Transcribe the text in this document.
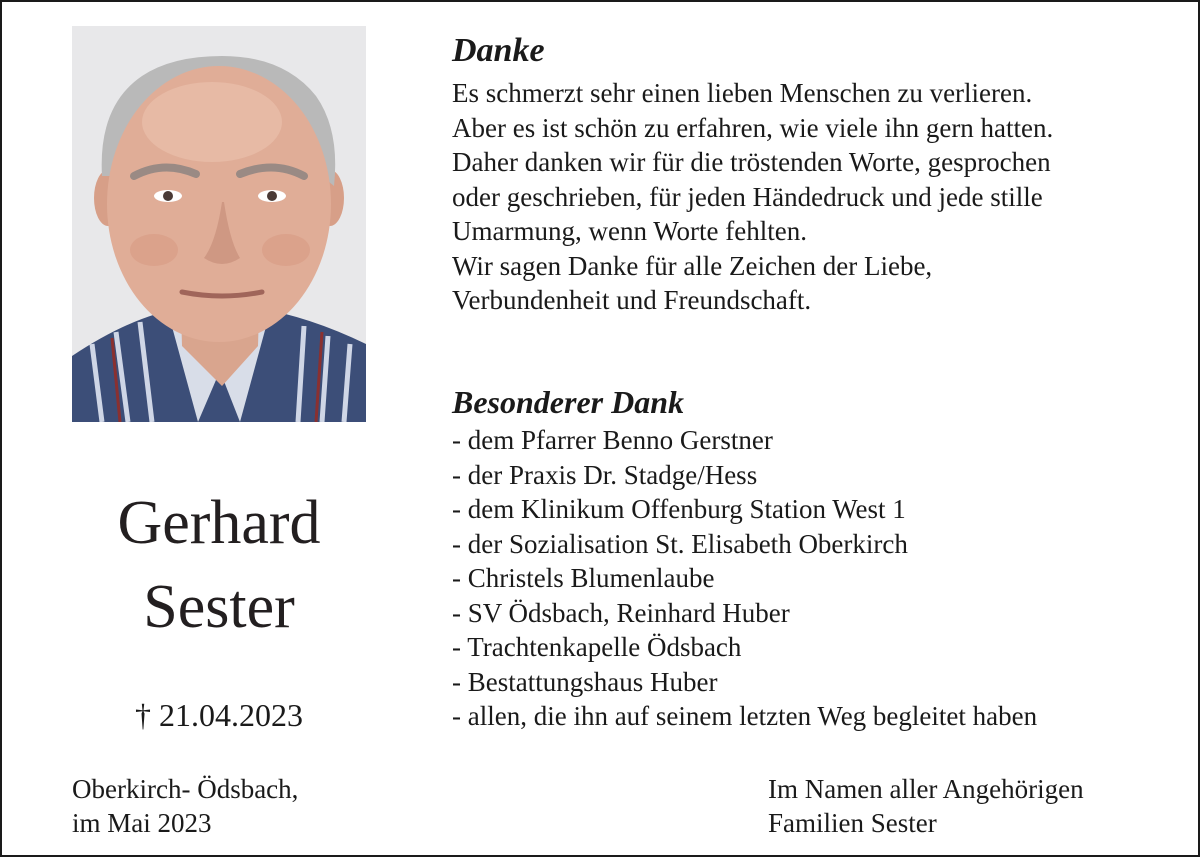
Gerhard
Sester
† 21.04.2023
Danke
Es schmerzt sehr einen lieben Menschen zu verlieren.
Aber es ist schön zu erfahren, wie viele ihn gern hatten.
Daher danken wir für die tröstenden Worte, gesprochen
oder geschrieben, für jeden Händedruck und jede stille
Umarmung, wenn Worte fehlten.
Wir sagen Danke für alle Zeichen der Liebe,
Verbundenheit und Freundschaft.
Besonderer Dank
- dem Pfarrer Benno Gerstner
- der Praxis Dr. Stadge/Hess
- dem Klinikum Offenburg Station West 1
- der Sozialisation St. Elisabeth Oberkirch
- Christels Blumenlaube
- SV Ödsbach, Reinhard Huber
- Trachtenkapelle Ödsbach
- Bestattungshaus Huber
- allen, die ihn auf seinem letzten Weg begleitet haben
Oberkirch- Ödsbach,
im Mai 2023
Im Namen aller Angehörigen
Familien Sester
